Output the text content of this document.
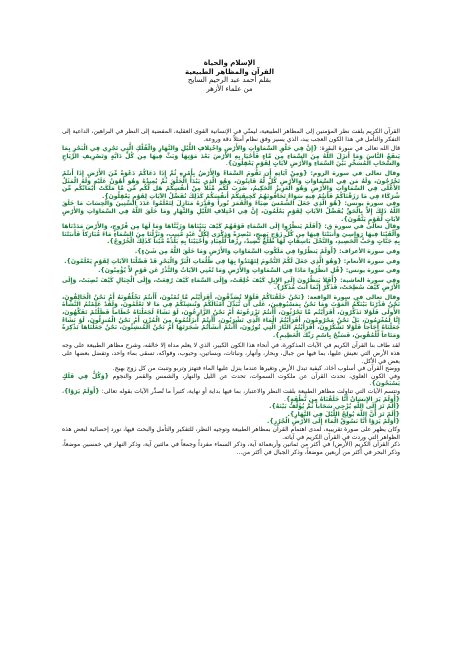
الإسلام والحياة
القرآن والمظاهر الطبيعية
بقلم أحمد عبد الرحيم السايح
من علماء الأزهر

القرآن الكريم يلفت نظر المؤمنين إلى المظاهر الطبيعية، ليمنّي في الإنسانية القوى العقلية، المفضية إلى النظر في البراهين، الداعية إلى التفكر والتأمل في هذا الكون العجب يبد، الذي يسير وفق نظام أمثلاً دقة وروعة.

قال الله تعالى في سورة البقرة: {إِنَّ فِي خَلْقِ السَّمَاوَاتِ وَالأَرْضِ وَاخْتِلافِ اللَّيْلِ وَالنَّهَارِ وَالْفُلْكِ الَّتِي تَجْرِي فِي الْبَحْرِ بِمَا يَنفَعُ النَّاسَ وَمَا أَنزَلَ اللَّهُ مِنَ السَّمَاءِ مِن مَّاءٍ فَأَحْيَا بِهِ الأَرْضَ بَعْدَ مَوْتِهَا وَبَثَّ فِيهَا مِن كُلِّ دَابَّةٍ وَتَصْرِيفِ الرِّيَاحِ وَالسَّحَابِ الْمُسَخَّرِ بَيْنَ السَّمَاءِ وَالأَرْضِ لآيَاتٍ لِقَوْمٍ يَعْقِلُونَ}.

وقال تعالى في سورة الروم: {وَمِنْ آيَاتِهِ أَن تَقُومَ السَّمَاءُ وَالأَرْضُ بِأَمْرِهِ ثُمَّ إِذَا دَعَاكُمْ دَعْوَةً مِّنَ الأَرْضِ إِذَا أَنتُمْ تَخْرُجُونَ، وَلَهُ مَن فِي السَّمَاوَاتِ وَالأَرْضِ كُلٌّ لَّهُ قَانِتُونَ، وَهُوَ الَّذِي يَبْدَأُ الْخَلْقَ ثُمَّ يُعِيدُهُ وَهُوَ أَهْوَنُ عَلَيْهِ وَلَهُ الْمَثَلُ الأَعْلَى فِي السَّمَاوَاتِ وَالأَرْضِ وَهُوَ الْعَزِيزُ الْحَكِيمُ، ضَرَبَ لَكُم مَّثَلاً مِنْ أَنفُسِكُمْ هَل لَّكُم مِّن مَّا مَلَكَتْ أَيْمَانُكُم مِّن شُرَكَاءَ فِي مَا رَزَقْنَاكُمْ فَأَنتُمْ فِيهِ سَوَاءٌ تَخَافُونَهُمْ كَخِيفَتِكُمْ أَنفُسَكُمْ كَذَلِكَ نُفَصِّلُ الآيَاتِ لِقَوْمٍ يَعْقِلُونَ}.

وفي سورة يونس: {هُوَ الَّذِي جَعَلَ الشَّمْسَ ضِيَاءً وَالْقَمَرَ نُوراً وَقَدَّرَهُ مَنَازِلَ لِتَعْلَمُوا عَدَدَ السِّنِينَ وَالْحِسَابَ مَا خَلَقَ اللَّهُ ذَلِكَ إِلاَّ بِالْحَقِّ يُفَصِّلُ الآيَاتِ لِقَوْمٍ يَعْلَمُونَ، إِنَّ فِي اخْتِلافِ اللَّيْلِ وَالنَّهَارِ وَمَا خَلَقَ اللَّهُ فِي السَّمَاوَاتِ وَالأَرْضِ لآيَاتٍ لِّقَوْمٍ يَتَّقُونَ}.

وقال تعالى في سورة ق: {أَفَلَمْ يَنظُرُوا إِلَى السَّمَاءِ فَوْقَهُمْ كَيْفَ بَنَيْنَاهَا وَزَيَّنَّاهَا وَمَا لَهَا مِن فُرُوجٍ، وَالأَرْضَ مَدَدْنَاهَا وَأَلْقَيْنَا فِيهَا رَوَاسِيَ وَأَنبَتْنَا فِيهَا مِن كُلِّ زَوْجٍ بَهِيجٍ، تَبْصِرَةً وَذِكْرَى لِكُلِّ عَبْدٍ مُّنِيبٍ، وَنَزَّلْنَا مِنَ السَّمَاءِ مَاءً مُّبَارَكاً فَأَنبَتْنَا بِهِ جَنَّاتٍ وَحَبَّ الْحَصِيدِ، وَالنَّخْلَ بَاسِقَاتٍ لَّهَا طَلْعٌ نَّضِيدٌ، رِزْقاً لِّلْعِبَادِ وَأَحْيَيْنَا بِهِ بَلْدَةً مَّيْتاً كَذَلِكَ الْخُرُوجُ}.

وفي سورة الأعراف: {أَوَلَمْ يَنظُرُوا فِي مَلَكُوتِ السَّمَاوَاتِ وَالأَرْضِ وَمَا خَلَقَ اللَّهُ مِن شَيْءٍ}.

وفي سورة الأنعام: {وَهُوَ الَّذِي جَعَلَ لَكُمُ النُّجُومَ لِتَهْتَدُوا بِهَا فِي ظُلُمَاتِ الْبَرِّ وَالْبَحْرِ قَدْ فَصَّلْنَا الآيَاتِ لِقَوْمٍ يَعْلَمُونَ}.

وفي سورة يونس: {قُلِ انظُرُوا مَاذَا فِي السَّمَاوَاتِ وَالأَرْضِ وَمَا تُغْنِي الآيَاتُ وَالنُّذُرُ عَن قَوْمٍ لاَّ يُؤْمِنُونَ}.

وفي سورة الغاشية: {أَفَلاَ يَنظُرُونَ إِلَى الإِبِلِ كَيْفَ خُلِقَتْ، وَإِلَى السَّمَاءِ كَيْفَ رُفِعَتْ، وَإِلَى الْجِبَالِ كَيْفَ نُصِبَتْ، وَإِلَى الأَرْضِ كَيْفَ سُطِحَتْ، فَذَكِّرْ إِنَّمَا أَنتَ مُذَكِّرٌ}.

وقال تعالى في سورة الواقعة: {نَحْنُ خَلَقْنَاكُمْ فَلَوْلا تُصَدِّقُونَ، أَفَرَأَيْتُم مَّا تُمْنُونَ، أَأَنتُمْ تَخْلُقُونَهُ أَمْ نَحْنُ الْخَالِقُونَ، نَحْنُ قَدَّرْنَا بَيْنَكُمُ الْمَوْتَ وَمَا نَحْنُ بِمَسْبُوقِينَ، عَلَى أَن نُّبَدِّلَ أَمْثَالَكُمْ وَنُنشِئَكُمْ فِي مَا لا تَعْلَمُونَ، وَلَقَدْ عَلِمْتُمُ النَّشْأَةَ الأُولَى فَلَوْلا تَذَكَّرُونَ، أَفَرَأَيْتُم مَّا تَحْرُثُونَ، أَأَنتُمْ تَزْرَعُونَهُ أَمْ نَحْنُ الزَّارِعُونَ، لَوْ نَشَاءُ لَجَعَلْنَاهُ حُطَاماً فَظَلْتُمْ تَفَكَّهُونَ، إِنَّا لَمُغْرَمُونَ، بَلْ نَحْنُ مَحْرُومُونَ، أَفَرَأَيْتُمُ الْمَاءَ الَّذِي تَشْرَبُونَ، أَأَنتُمْ أَنزَلْتُمُوهُ مِنَ الْمُزْنِ أَمْ نَحْنُ الْمُنزِلُونَ، لَوْ نَشَاءُ جَعَلْنَاهُ أُجَاجاً فَلَوْلا تَشْكُرُونَ، أَفَرَأَيْتُمُ النَّارَ الَّتِي تُورُونَ، أَأَنتُمْ أَنشَأْتُمْ شَجَرَتَهَا أَمْ نَحْنُ الْمُنشِئُونَ، نَحْنُ جَعَلْنَاهَا تَذْكِرَةً وَمَتَاعاً لِّلْمُقْوِينَ، فَسَبِّحْ بِاسْمِ رَبِّكَ الْعَظِيمِ}.

لقد طاف بنا القرآن الكريم في الآيات المذكورة، في أنحاء هذا الكون الكبير، الذي لا يعلم مداه إلا خالقه، وشرح مظاهر الطبيعة على وجه هذه الأرض التي نعيش عليها، بما فيها من جبال، وبحار، وأنهار، ونباتات، وبساتين، وحبوب، وفواكه، تسقى بماء واحد، وتفضل بعضها على بعض في الأكل.

ووضح القرآن في أسلوب أخاذ، كيفية تبدل الأرض وتغيرها عندما ينزل عليها الماء فتهتز وتربو وتنبت من كل زوج بهيج.

وفي الكون العلوي، تحدث القرآن عن ملكوت السموات، تحدث عن الليل والنهار، والشمس والقمر والنجوم {وَكُلٌّ فِي فَلَكٍ يَسْبَحُونَ}.

وتتسم الآيات التي تناولت مظاهر الطبيعة بلفت النظر والاعتبار، بما فيها بداية أو نهاية، كتبرأ ما تُصدِّر الآيات بقوله تعالى: {أَوَلَمْ يَرَوْا}، {أَوَلَمْ يَرَ الإِنسَانُ أَنَّا خَلَقْنَاهُ مِن نُّطْفَةٍ}.

{أَلَمْ تَرَ إِلَى اللَّهِ يُزْجِي سَحَاباً ثُمَّ يُؤَلِّفُ بَيْنَهُ}.

{أَلَمْ تَرَ أَنَّ اللَّهَ يُولِجُ اللَّيْلَ فِي النَّهَارِ}.

{أَوَلَمْ يَرَوْا أَنَّا نَسُوقُ الْمَاءَ إِلَى الأَرْضِ الْجُرُزِ}.

وكان يظهر على صورة تقريبية، لمدى اهتمام القرآن بمظاهر الطبيعة وتوجيه النظر، للتفكير والتأمل والبحث فيها، نورد إحصائية لبعض هذه الظواهر التي وردت في القرآن الكريم في آياته.

ذكر القرآن الكريم (الأرض) في أكثر من ثمانين وأربعمائة آية، وذكر السماء مفرداً وجمعاً في مائتين آية، وذكر النهار في خمسين موضعاً، وذكر البحر في أكثر من أربعين موضعاً، وذكر الجبال في أكثر من...
